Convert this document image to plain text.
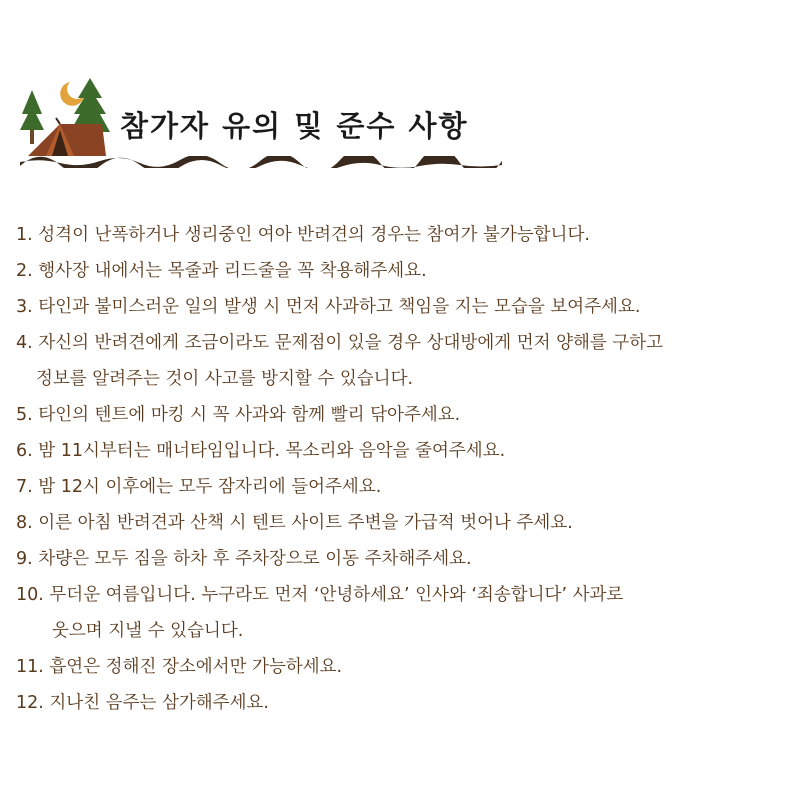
참가자 유의 및 준수 사항
1. 성격이 난폭하거나 생리중인 여아 반려견의 경우는 참여가 불가능합니다.
2. 행사장 내에서는 목줄과 리드줄을 꼭 착용해주세요.
3. 타인과 불미스러운 일의 발생 시 먼저 사과하고 책임을 지는 모습을 보여주세요.
4. 자신의 반려견에게 조금이라도 문제점이 있을 경우 상대방에게 먼저 양해를 구하고
정보를 알려주는 것이 사고를 방지할 수 있습니다.
5. 타인의 텐트에 마킹 시 꼭 사과와 함께 빨리 닦아주세요.
6. 밤 11시부터는 매너타임입니다. 목소리와 음악을 줄여주세요.
7. 밤 12시 이후에는 모두 잠자리에 들어주세요.
8. 이른 아침 반려견과 산책 시 텐트 사이트 주변을 가급적 벗어나 주세요.
9. 차량은 모두 짐을 하차 후 주차장으로 이동 주차해주세요.
10. 무더운 여름입니다. 누구라도 먼저 ‘안녕하세요’ 인사와 ‘죄송합니다’ 사과로
웃으며 지낼 수 있습니다.
11. 흡연은 정해진 장소에서만 가능하세요.
12. 지나친 음주는 삼가해주세요.
